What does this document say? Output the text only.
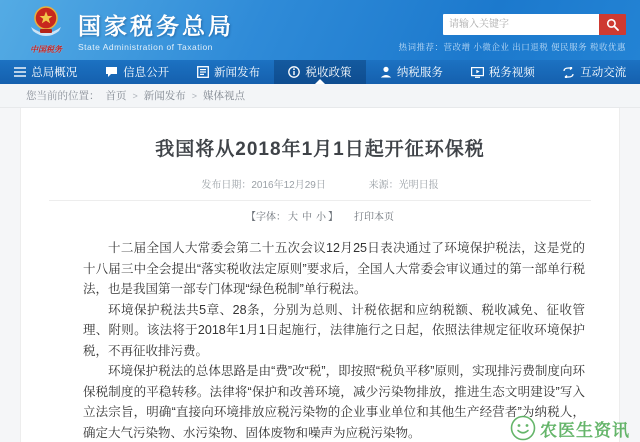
中国税务
国家税务总局
State Administration of Taxation
请输入关键字	热词推荐：营改增 小微企业 出口退税 便民服务 税收优惠
总局概况	信息公开	新闻发布	税收政策	纳税服务	税务视频	互动交流
您当前的位置： 首页 > 新闻发布 > 媒体视点
我国将从2018年1月1日起开征环保税
发布日期：2016年12月29日	来源：光明日报
【字体： 大 中 小 】 打印本页

十二届全国人大常委会第二十五次会议12月25日表决通过了环境保护税法，这是党的十八届三中全会提出“落实税收法定原则”要求后，全国人大常委会审议通过的第一部单行税法，也是我国第一部专门体现“绿色税制”单行税法。

环境保护税法共5章、28条，分别为总则、计税依据和应纳税额、税收减免、征收管理、附则。该法将于2018年1月1日起施行，法律施行之日起，依照法律规定征收环境保护税，不再征收排污费。

环境保护税法的总体思路是由“费”改“税”，即按照“税负平移”原则，实现排污费制度向环保税制度的平稳转移。法律将“保护和改善环境，减少污染物排放，推进生态文明建设”写入立法宗旨，明确“直接向环境排放应税污染物的企业事业单位和其他生产经营者”为纳税人，确定大气污染物、水污染物、固体废物和噪声为应税污染物。	农医生资讯
